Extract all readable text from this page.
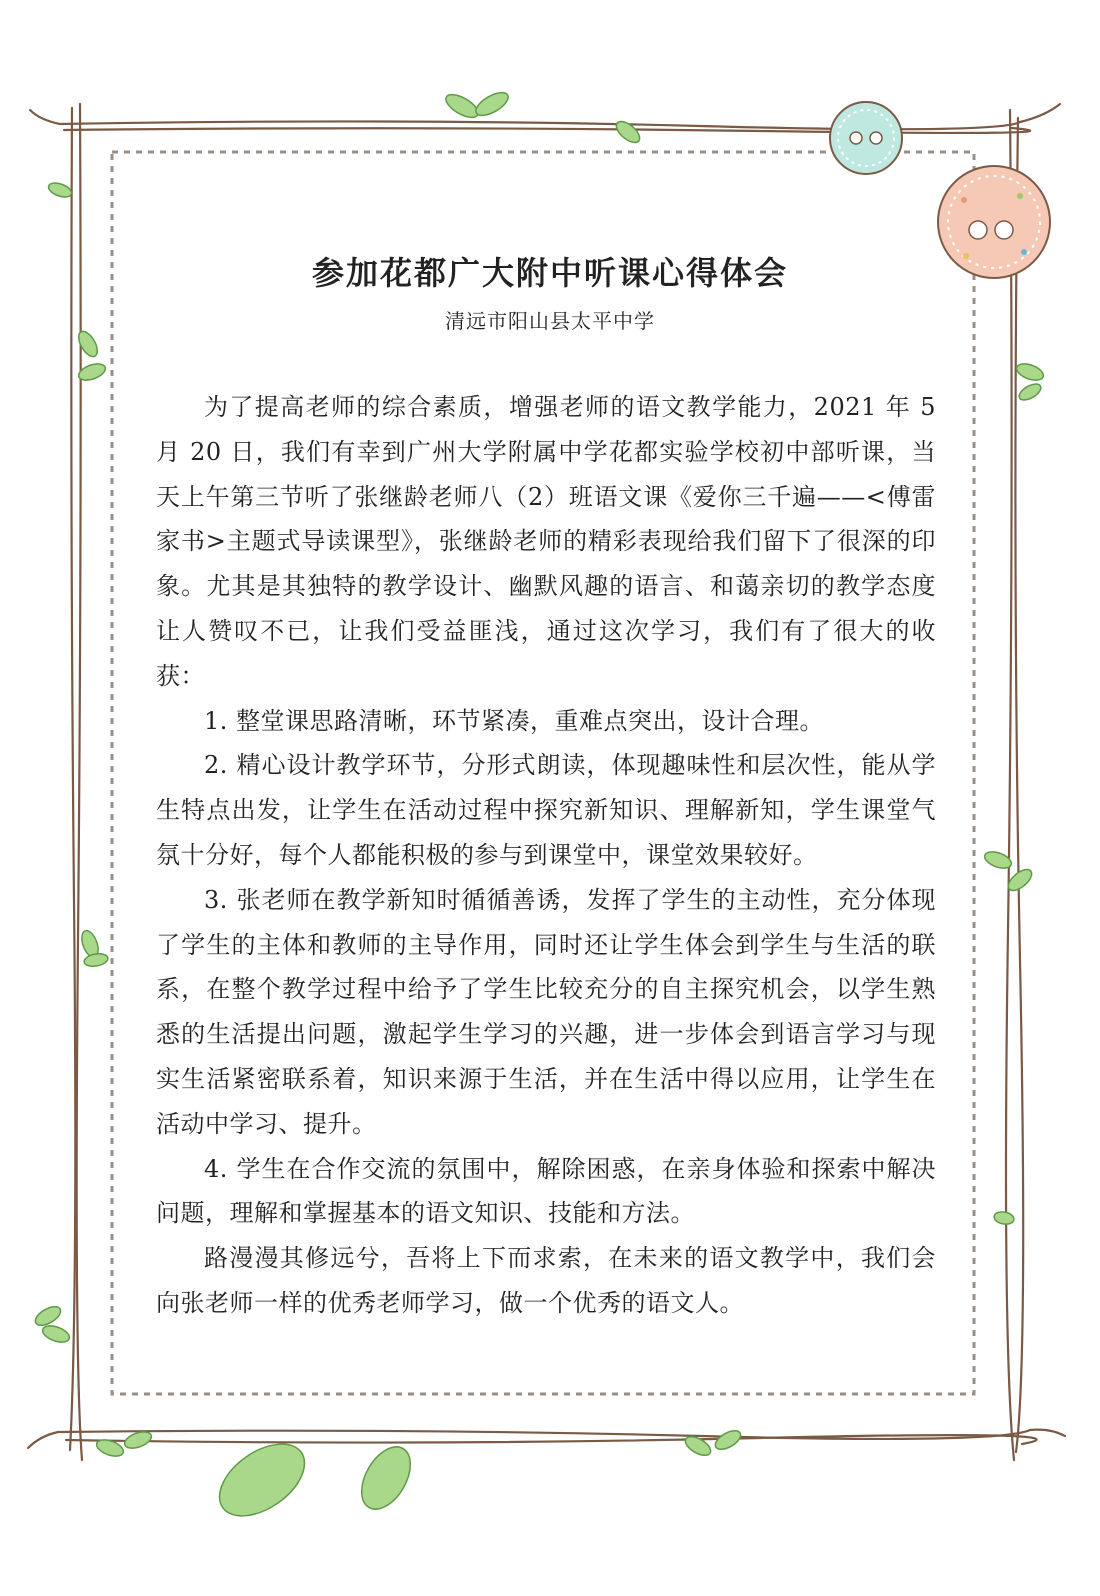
参加花都广大附中听课心得体会
清远市阳山县太平中学

为了提高老师的综合素质，增强老师的语文教学能力，2021 年 5 月 20 日，我们有幸到广州大学附属中学花都实验学校初中部听课，当天上午第三节听了张继龄老师八（2）班语文课《爱你三千遍——<傅雷家书>主题式导读课型》，张继龄老师的精彩表现给我们留下了很深的印象。尤其是其独特的教学设计、幽默风趣的语言、和蔼亲切的教学态度让人赞叹不已，让我们受益匪浅，通过这次学习，我们有了很大的收获：

1. 整堂课思路清晰，环节紧凑，重难点突出，设计合理。

2. 精心设计教学环节，分形式朗读，体现趣味性和层次性，能从学生特点出发，让学生在活动过程中探究新知识、理解新知，学生课堂气氛十分好，每个人都能积极的参与到课堂中，课堂效果较好。

3. 张老师在教学新知时循循善诱，发挥了学生的主动性，充分体现了学生的主体和教师的主导作用，同时还让学生体会到学生与生活的联系，在整个教学过程中给予了学生比较充分的自主探究机会，以学生熟悉的生活提出问题，激起学生学习的兴趣，进一步体会到语言学习与现实生活紧密联系着，知识来源于生活，并在生活中得以应用，让学生在活动中学习、提升。

4. 学生在合作交流的氛围中，解除困惑，在亲身体验和探索中解决问题，理解和掌握基本的语文知识、技能和方法。

路漫漫其修远兮，吾将上下而求索，在未来的语文教学中，我们会向张老师一样的优秀老师学习，做一个优秀的语文人。
